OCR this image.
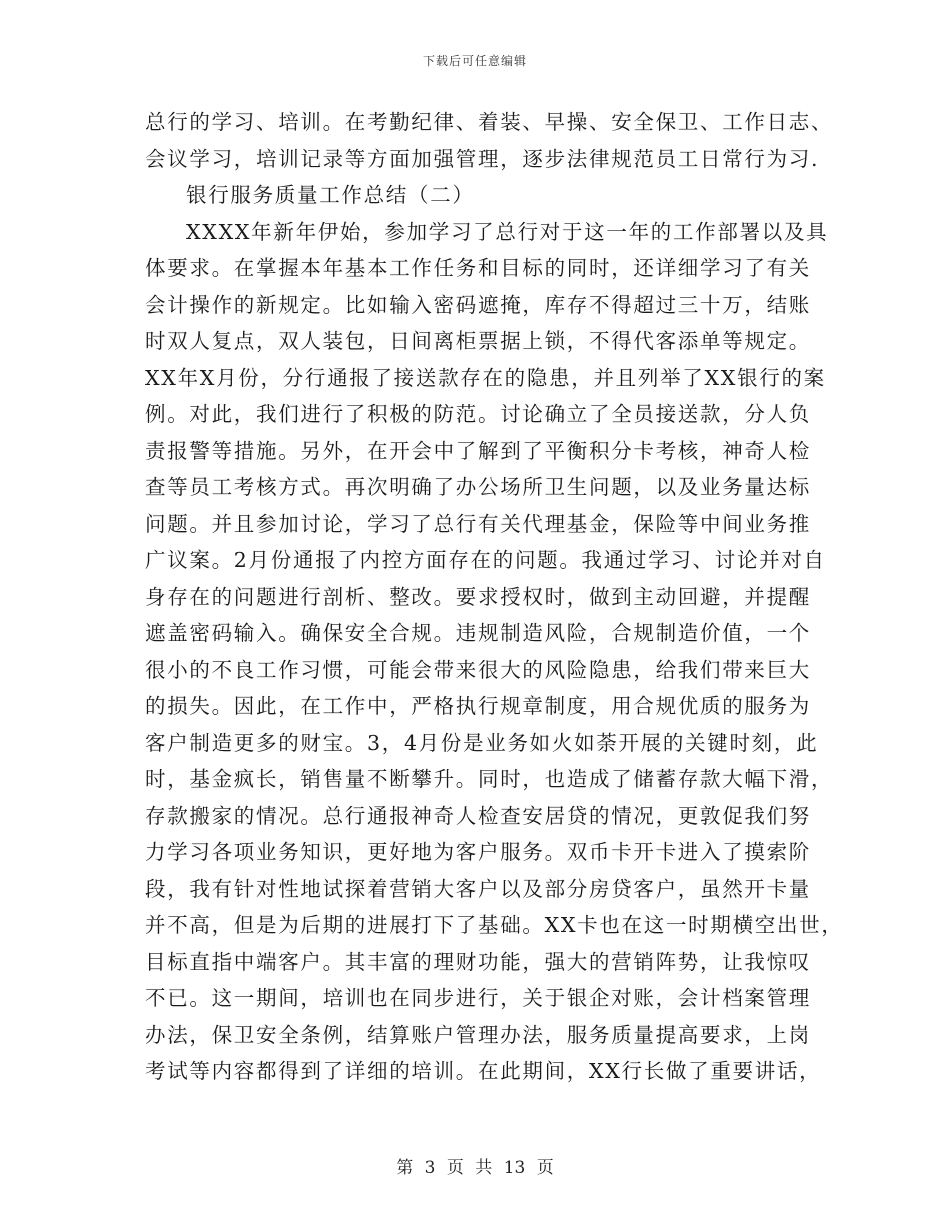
下载后可任意编辑
总行的学习、培训。在考勤纪律、着装、早操、安全保卫、工作日志、
会议学习，培训记录等方面加强管理，逐步法律规范员工日常行为习.
银行服务质量工作总结（二）
XXXX年新年伊始，参加学习了总行对于这一年的工作部署以及具
体要求。在掌握本年基本工作任务和目标的同时，还详细学习了有关
会计操作的新规定。比如输入密码遮掩，库存不得超过三十万，结账
时双人复点，双人装包，日间离柜票据上锁，不得代客添单等规定。
XX年X月份，分行通报了接送款存在的隐患，并且列举了XX银行的案
例。对此，我们进行了积极的防范。讨论确立了全员接送款，分人负
责报警等措施。另外，在开会中了解到了平衡积分卡考核，神奇人检
查等员工考核方式。再次明确了办公场所卫生问题，以及业务量达标
问题。并且参加讨论，学习了总行有关代理基金，保险等中间业务推
广议案。2月份通报了内控方面存在的问题。我通过学习、讨论并对自
身存在的问题进行剖析、整改。要求授权时，做到主动回避，并提醒
遮盖密码输入。确保安全合规。违规制造风险，合规制造价值，一个
很小的不良工作习惯，可能会带来很大的风险隐患，给我们带来巨大
的损失。因此，在工作中，严格执行规章制度，用合规优质的服务为
客户制造更多的财宝。3，4月份是业务如火如荼开展的关键时刻，此
时，基金疯长，销售量不断攀升。同时，也造成了储蓄存款大幅下滑，
存款搬家的情况。总行通报神奇人检查安居贷的情况，更敦促我们努
力学习各项业务知识，更好地为客户服务。双币卡开卡进入了摸索阶
段，我有针对性地试探着营销大客户以及部分房贷客户，虽然开卡量
并不高，但是为后期的进展打下了基础。XX卡也在这一时期横空出世，
目标直指中端客户。其丰富的理财功能，强大的营销阵势，让我惊叹
不已。这一期间，培训也在同步进行，关于银企对账，会计档案管理
办法，保卫安全条例，结算账户管理办法，服务质量提高要求，上岗
考试等内容都得到了详细的培训。在此期间，XX行长做了重要讲话，
第 3 页 共 13 页
